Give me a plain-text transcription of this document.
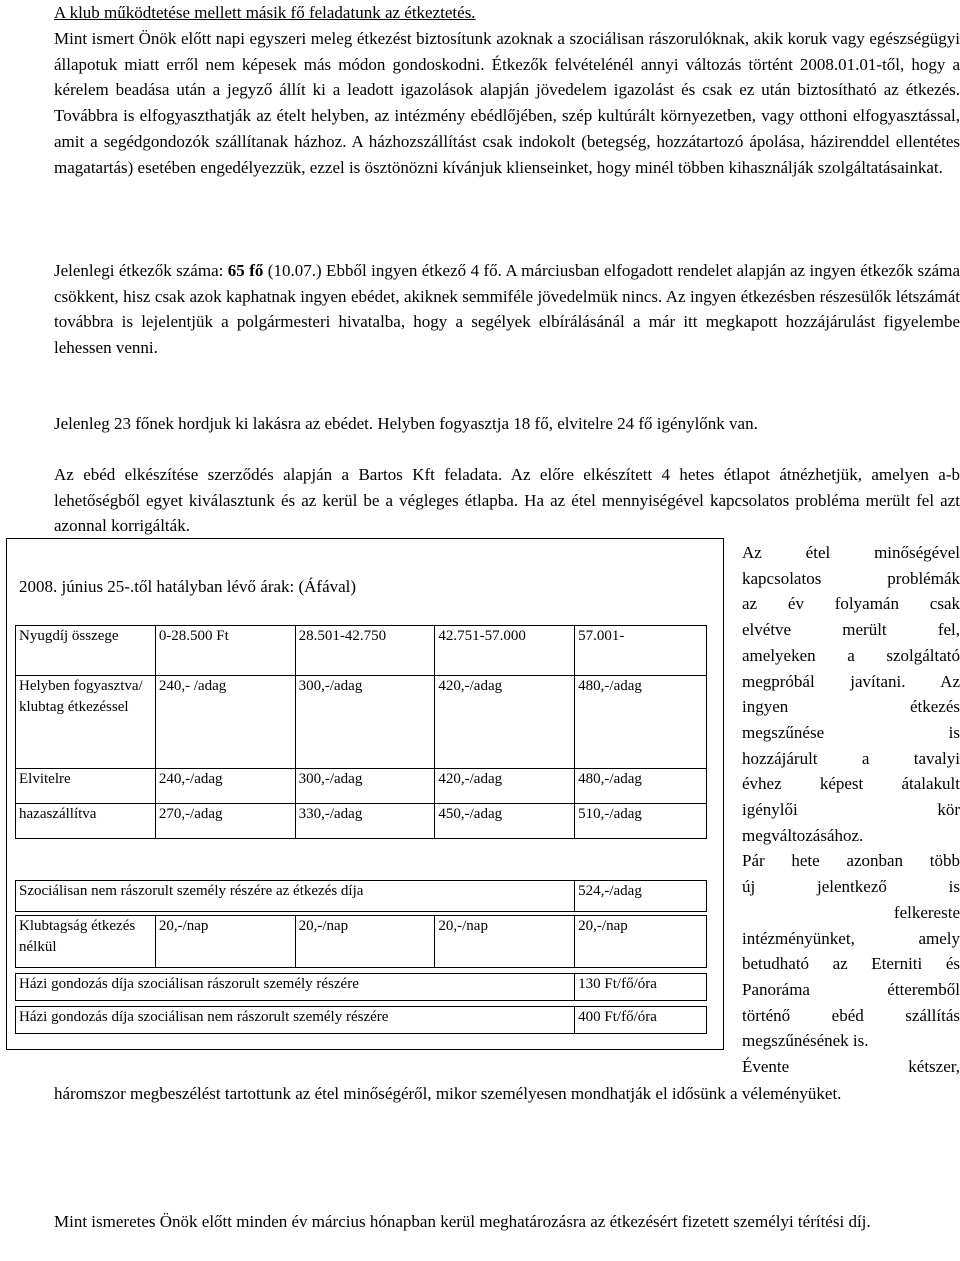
A klub működtetése mellett másik fő feladatunk az étkeztetés.

Mint ismert Önök előtt napi egyszeri meleg étkezést biztosítunk azoknak a szociálisan rászorulóknak, akik koruk vagy egészségügyi állapotuk miatt erről nem képesek más módon gondoskodni. Étkezők felvételénél annyi változás történt 2008.01.01-től, hogy a kérelem beadása után a jegyző állít ki a leadott igazolások alapján jövedelem igazolást és csak ez után biztosítható az étkezés. Továbbra is elfogyaszthatják az ételt helyben, az intézmény ebédlőjében, szép kultúrált környezetben, vagy otthoni elfogyasztással, amit a segédgondozók szállítanak házhoz. A házhozszállítást csak indokolt (betegség, hozzátartozó ápolása, házirenddel ellentétes magatartás) esetében engedélyezzük, ezzel is ösztönözni kívánjuk klienseinket, hogy minél többen kihasználják szolgáltatásainkat.

Jelenlegi étkezők száma: 65 fő (10.07.) Ebből ingyen étkező 4 fő. A márciusban elfogadott rendelet alapján az ingyen étkezők száma csökkent, hisz csak azok kaphatnak ingyen ebédet, akiknek semmiféle jövedelmük nincs. Az ingyen étkezésben részesülők létszámát továbbra is lejelentjük a polgármesteri hivatalba, hogy a segélyek elbírálásánál a már itt megkapott hozzájárulást figyelembe lehessen venni.

Jelenleg 23 főnek hordjuk ki lakásra az ebédet. Helyben fogyasztja 18 fő, elvitelre 24 fő igénylőnk van.

Az ebéd elkészítése szerződés alapján a Bartos Kft feladata. Az előre elkészített 4 hetes étlapot átnézhetjük, amelyen a-b lehetőségből egyet kiválasztunk és az kerül be a végleges étlapba. Ha az étel mennyiségével kapcsolatos probléma merült fel azt azonnal korrigálták.

2008. június 25-.től hatályban lévő árak: (Áfával)

Nyugdíj összege	0-28.500 Ft	28.501-42.750	42.751-57.000	57.001-
Helyben fogyasztva/ klubtag étkezéssel	240,- /adag	300,-/adag	420,-/adag	480,-/adag
Elvitelre	240,-/adag	300,-/adag	420,-/adag	480,-/adag
hazaszállítva	270,-/adag	330,-/adag	450,-/adag	510,-/adag
Szociálisan nem rászorult személy részére az étkezés díja	524,-/adag
Klubtagság étkezés nélkül	20,-/nap	20,-/nap	20,-/nap	20,-/nap
Házi gondozás díja szociálisan rászorult személy részére	130 Ft/fő/óra
Házi gondozás díja szociálisan nem rászorult személy részére	400 Ft/fő/óra
Az étel minőségével
kapcsolatos problémák
az év folyamán csak
elvétve merült fel,
amelyeken a szolgáltató
megpróbál javítani. Az
ingyen étkezés
megszűnése is
hozzájárult a tavalyi
évhez képest átalakult
igénylői kör
megváltozásához.
Pár hete azonban több
új jelentkező is
felkereste
intézményünket, amely
betudható az Eterniti és
Panoráma étteremből
történő ebéd szállítás
megszűnésének is.
Évente kétszer,

háromszor megbeszélést tartottunk az étel minőségéről, mikor személyesen mondhatják el idősünk a véleményüket.

Mint ismeretes Önök előtt minden év március hónapban kerül meghatározásra az étkezésért fizetett személyi térítési díj.
